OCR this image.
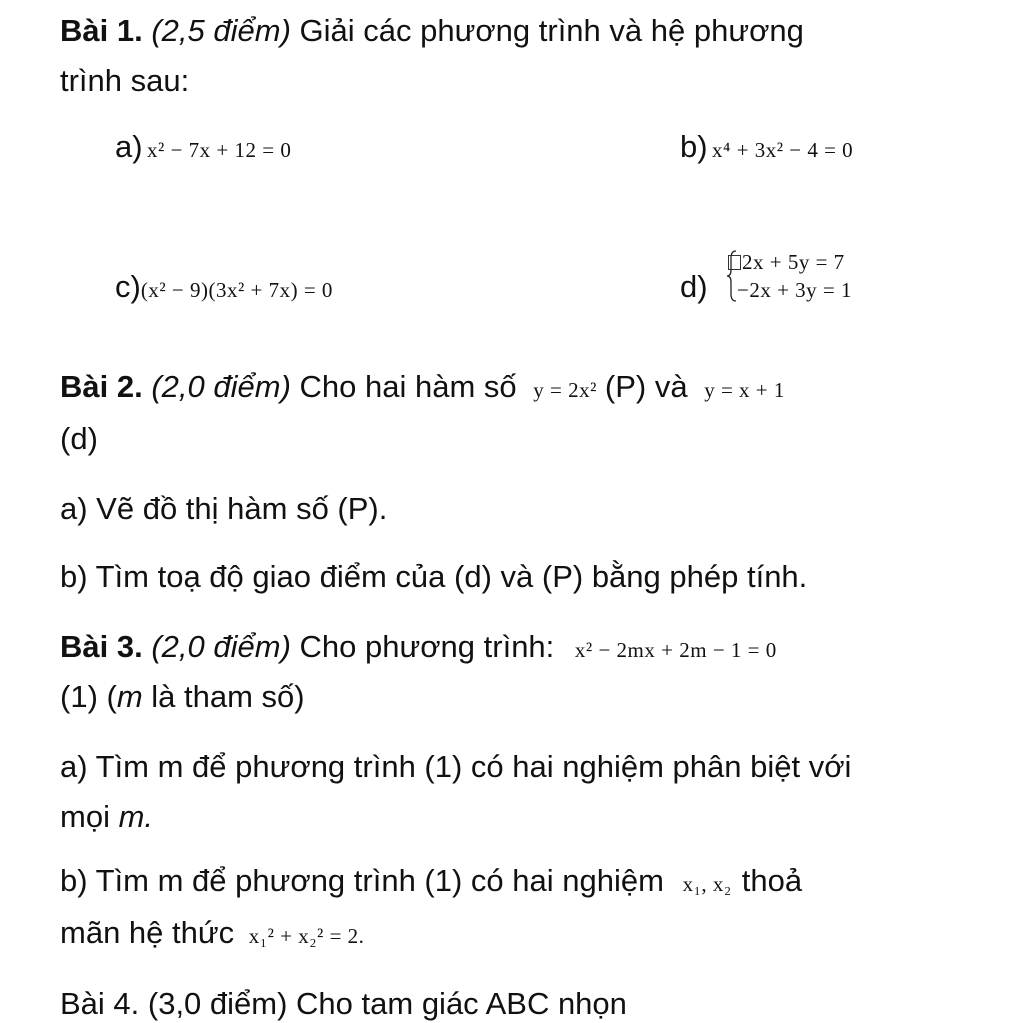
Bài 1. (2,5 điểm) Giải các phương trình và hệ phương
trình sau:
a) x² − 7x + 12 = 0	b) x⁴ + 3x² − 4 = 0
c)(x² − 9)(3x² + 7x) = 0	d)
2x + 5y = 7
−2x + 3y = 1
Bài 2. (2,0 điểm) Cho hai hàm số y = 2x² (P) và y = x + 1
(d)
a) Vẽ đồ thị hàm số (P).
b) Tìm toạ độ giao điểm của (d) và (P) bằng phép tính.
Bài 3. (2,0 điểm) Cho phương trình: x² − 2mx + 2m − 1 = 0
(1) (m là tham số)
a) Tìm m để phương trình (1) có hai nghiệm phân biệt với
mọi m.
b) Tìm m để phương trình (1) có hai nghiệm x₁, x₂ thoả
mãn hệ thức x₁² + x₂² = 2.
Bài 4. (3,0 điểm) Cho tam giác ABC nhọn
